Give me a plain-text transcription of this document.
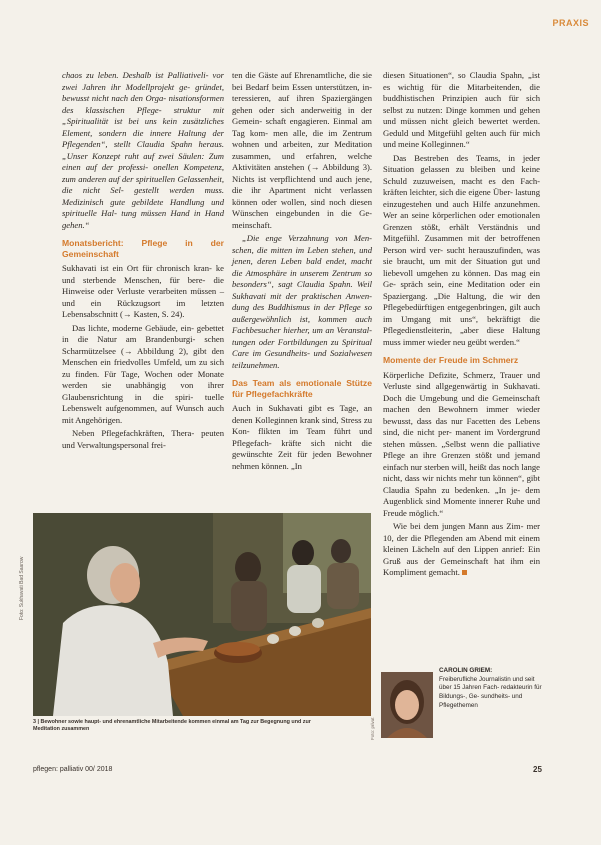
PRAXIS

chaos zu leben. Deshalb ist Palliativeli- vor zwei Jahren ihr Modellprojekt ge- gründet, bewusst nicht nach den Orga- nisationsformen des klassischen Pflege- struktur mit „Spiritualität ist bei uns kein zusätzliches Element, sondern die innere Haltung der Pflegenden“, stellt Claudia Spahn heraus. „Unser Konzept ruht auf zwei Säulen: Zum einen auf der professi- onellen Kompetenz, zum anderen auf der spirituellen Gelassenheit, die nicht Sel- gestellt werden muss. Medizinisch gute gebildete Handlung und spirituelle Hal- tung müssen Hand in Hand gehen.“

Monatsbericht: Pflege in der Gemeinschaft

Sukhavati ist ein Ort für chronisch kran- ke und sterbende Menschen, für bere- die Hinweise oder Verluste verarbeiten müssen – und ein Rückzugsort im letzten Lebensabschnitt (→ Kasten, S. 24).

Das lichte, moderne Gebäude, ein- gebettet in die Natur am Brandenburgi- schen Scharmützelsee (→ Abbildung 2), gibt den Menschen ein friedvolles Umfeld, um zu sich zu finden. Für Tage, Wochen oder Monate werden sie unabhängig von ihrer Glaubensrichtung in die spiri- tuelle Lebenswelt aufgenommen, auf Wunsch auch mit Angehörigen.

Neben Pflegefachkräften, Thera- peuten und Verwaltungspersonal frei-

ten die Gäste auf Ehrenamtliche, die sie bei Bedarf beim Essen unterstützen, in- teressieren, auf ihren Spaziergängen gehen oder sich anderweitig in der Gemein- schaft engagieren. Einmal am Tag kom- men alle, die im Zentrum wohnen und arbeiten, zur Meditation zusammen, und erfahren, welche Aktivitäten anstehen (→ Abbildung 3). Nichts ist verpflichtend und auch jene, die ihr Apartment nicht verlassen können oder wollen, sind noch diesen Wünschen eingebunden in die Ge- meinschaft.

„Die enge Verzahnung von Men- schen, die mitten im Leben stehen, und jenen, deren Leben bald endet, macht die Atmosphäre in unserem Zentrum so besonders“, sagt Claudia Spahn. Weil Sukhavati mit der praktischen Anwen- dung des Buddhismus in der Pflege so außergewöhnlich ist, kommen auch Fachbesucher hierher, um an Veranstal- tungen oder Fortbildungen zu Spiritual Care im Gesundheits- und Sozialwesen teilzunehmen.

Das Team als emotionale Stütze für Pflegefachkräfte

Auch in Sukhavati gibt es Tage, an denen Kolleginnen krank sind, Stress zu Kon- flikten im Team führt und Pflegefach- kräfte sich nicht die gewünschte Zeit für jeden Bewohner nehmen können. „In

diesen Situationen“, so Claudia Spahn, „ist es wichtig für die Mitarbeitenden, die buddhistischen Prinzipien auch für sich selbst zu nutzen: Dinge kommen und gehen und müssen nicht gleich bewertet werden. Geduld und Mitgefühl gelten auch für mich und meine Kolleginnen.“

Das Bestreben des Teams, in jeder Situation gelassen zu bleiben und keine Schuld zuzuweisen, macht es den Fach- kräften leichter, sich die eigene Über- lastung einzugestehen und auch Hilfe anzunehmen. Wer an seine körperlichen oder emotionalen Grenzen stößt, erhält Verständnis und Mitgefühl. Zusammen mit der betroffenen Person wird ver- sucht herauszufinden, was sie braucht, um mit der Situation gut und liebevoll umgehen zu können. Das mag ein Ge- spräch sein, eine Meditation oder ein Spaziergang. „Die Haltung, die wir den Pflegebedürftigen entgegenbringen, gilt auch im Umgang mit uns“, bekräftigt die Pflegedienstleiterin, „aber diese Haltung muss immer wieder neu geübt werden.“

Momente der Freude im Schmerz

Körperliche Defizite, Schmerz, Trauer und Verluste sind allgegenwärtig in Sukhavati. Doch die Umgebung und die Gemeinschaft machen den Bewohnern immer wieder bewusst, dass das nur Facetten des Lebens sind, die nicht per- manent im Vordergrund stehen müssen. „Selbst wenn die palliative Pflege an ihre Grenzen stößt und jemand einfach nur sterben will, heißt das noch lange nicht, dass wir nichts mehr tun können“, gibt Claudia Spahn zu bedenken. „In je- dem Augenblick sind Momente innerer Ruhe und Freude möglich.“

Wie bei dem jungen Mann aus Zim- mer 10, der die Pflegenden am Abend mit einem kleinen Lächeln auf den Lippen anrief: Ein Gruß aus der Gemeinschaft hat ihm ein Kompliment gemacht.

Foto: Sukhavati Bad Saarow
3 | Bewohner sowie haupt- und ehrenamtliche Mitarbeitende kommen einmal am Tag zur Begegnung und zur Meditation zusammen	Foto: privat
CAROLIN GRIEM:
Freiberufliche Journalistin und seit über 15 Jahren Fach- redakteurin für Bildungs-, Ge- sundheits- und Pflegethemen
pflegen: palliativ 00/ 2018	25
